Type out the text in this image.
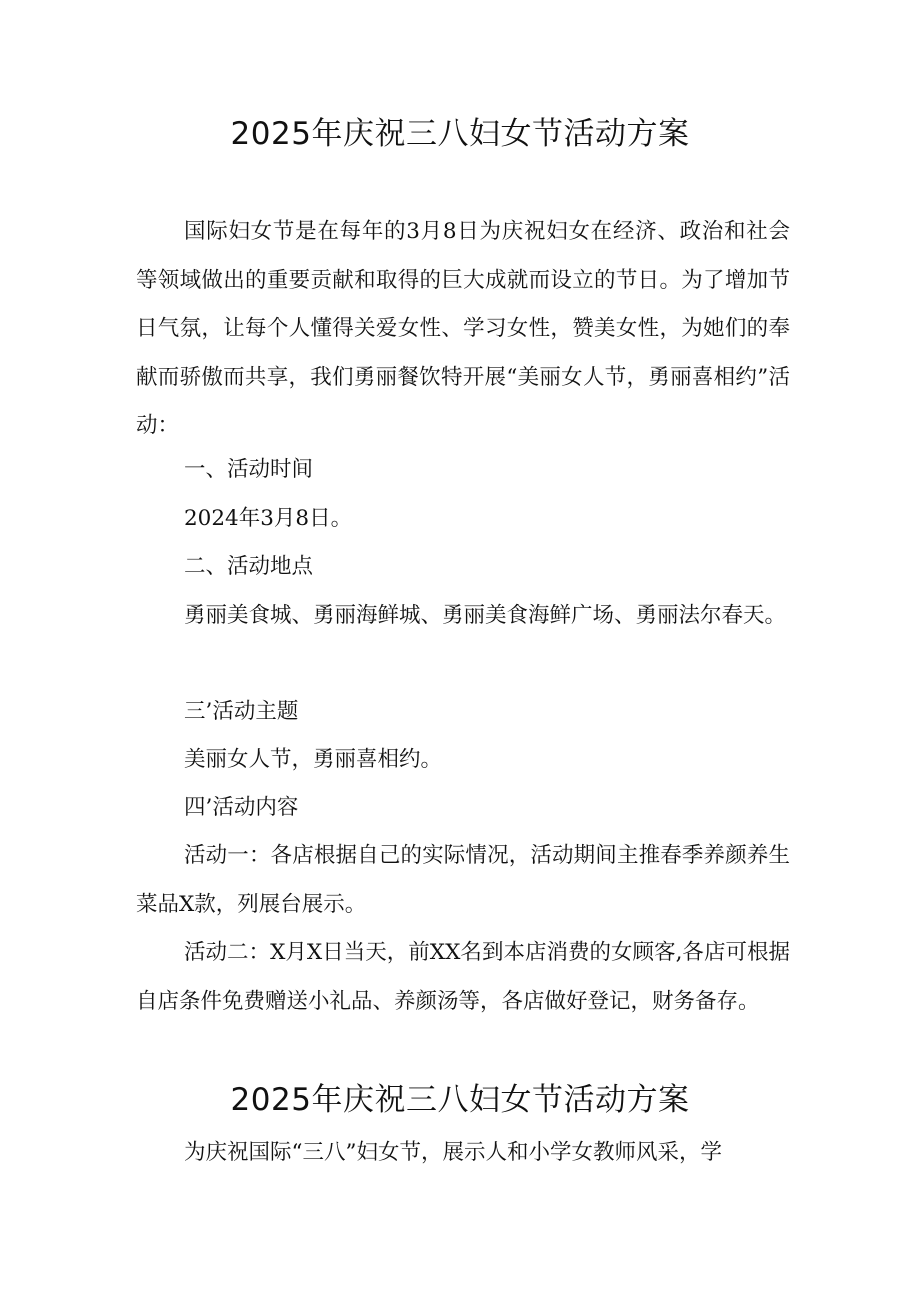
2025年庆祝三八妇女节活动方案

国际妇女节是在每年的3月8日为庆祝妇女在经济、政治和社会等领域做出的重要贡献和取得的巨大成就而设立的节日。为了增加节日气氛，让每个人懂得关爱女性、学习女性，赞美女性，为她们的奉献而骄傲而共享，我们勇丽餐饮特开展“美丽女人节，勇丽喜相约”活动：

一、活动时间

2024年3月8日。

二、活动地点

勇丽美食城、勇丽海鲜城、勇丽美食海鲜广场、勇丽法尔春天。

三’活动主题

美丽女人节，勇丽喜相约。

四’活动内容

活动一：各店根据自己的实际情况，活动期间主推春季养颜养生菜品X款，列展台展示。

活动二：X月X日当天，前XX名到本店消费的女顾客,各店可根据自店条件免费赠送小礼品、养颜汤等，各店做好登记，财务备存。

2025年庆祝三八妇女节活动方案

为庆祝国际“三八”妇女节，展示人和小学女教师风采，学
